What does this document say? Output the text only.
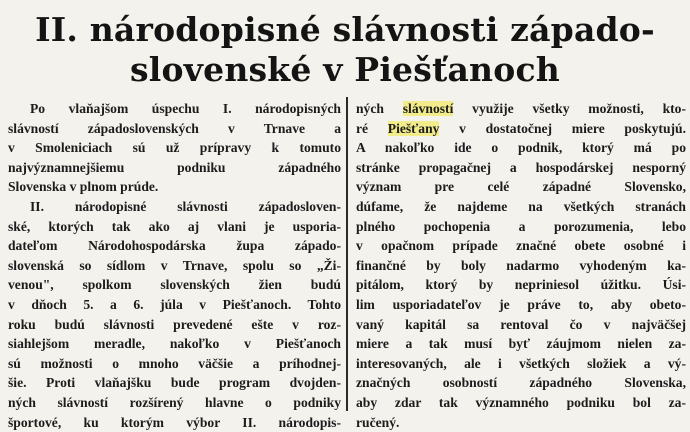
II. národopisné slávnosti západo-
slovenské v Piešťanoch
Po vlaňajšom úspechu I. národopisných
slávností západoslovenských v Trnave a
v Smoleniciach sú už prípravy k tomuto
najvýznamnejšiemu podniku západného
Slovenska v plnom prúde.
II. národopisné slávnosti západosloven-
ské, ktorých tak ako aj vlani je usporia-
dateľom Národohospodárska župa západo-
slovenská so sídlom v Trnave, spolu so „Ži-
venou", spolkom slovenských žien budú
v dňoch 5. a 6. júla v Piešťanoch. Tohto
roku budú slávnosti prevedené ešte v roz-
siahlejšom meradle, nakoľko v Piešťanoch
sú možnosti o mnoho väčšie a príhodnej-
šie. Proti vlaňajšku bude program dvojden-
ných slávností rozšírený hlavne o podniky
športové, ku ktorým výbor II. národopis-
ných slávností využije všetky možnosti, kto-
ré Piešťany v dostatočnej miere poskytujú.
A nakoľko ide o podnik, ktorý má po
stránke propagačnej a hospodárskej nesporný
význam pre celé západné Slovensko,
dúfame, že najdeme na všetkých stranách
plného pochopenia a porozumenia, lebo
v opačnom prípade značné obete osobné i
finančné by boly nadarmo vyhodeným ka-
pitálom, ktorý by nepriniesol úžitku. Úsi-
lim usporiadateľov je práve to, aby obeto-
vaný kapitál sa rentoval čo v najväčšej
miere a tak musí byť záujmom nielen za-
interesovaných, ale i všetkých složiek a vý-
značných osobností západného Slovenska,
aby zdar tak významného podniku bol za-
ručený.
